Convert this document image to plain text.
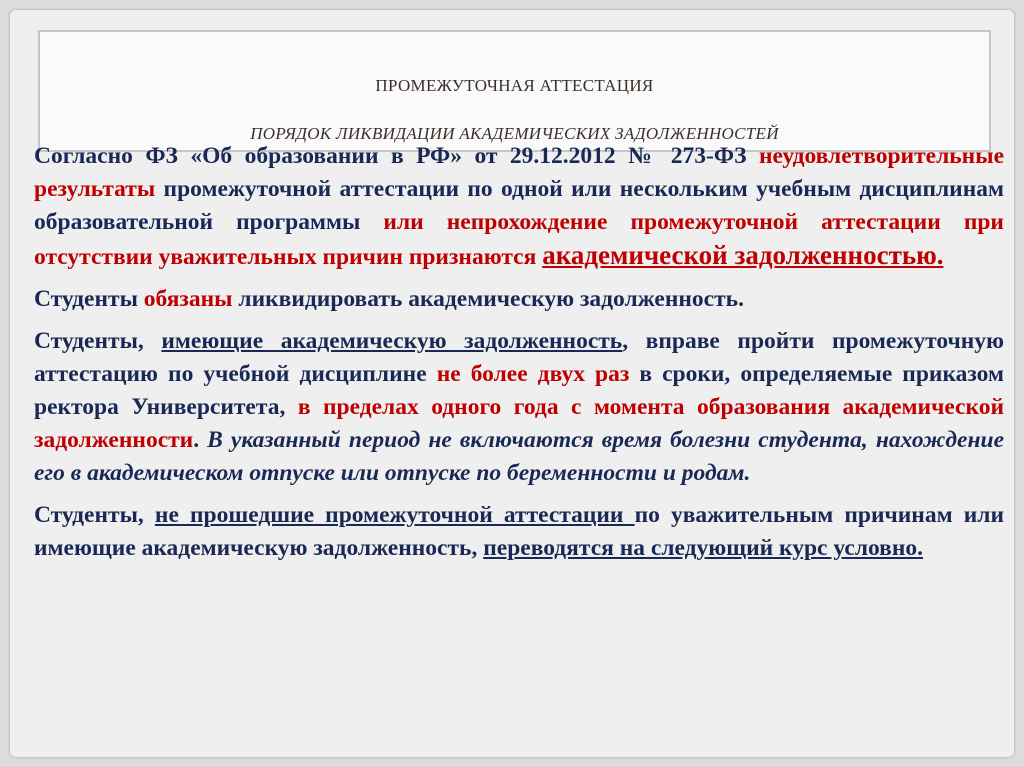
ПРОМЕЖУТОЧНАЯ АТТЕСТАЦИЯ
ПОРЯДОК ЛИКВИДАЦИИ АКАДЕМИЧЕСКИХ ЗАДОЛЖЕННОСТЕЙ

Согласно ФЗ «Об образовании в РФ» от 29.12.2012 № 273-ФЗ неудовлетворительные результаты промежуточной аттестации по одной или нескольким учебным дисциплинам образовательной программы или непрохождение промежуточной аттестации при отсутствии уважительных причин признаются академической задолженностью.

Студенты обязаны ликвидировать академическую задолженность.

Студенты, имеющие академическую задолженность, вправе пройти промежуточную аттестацию по учебной дисциплине не более двух раз в сроки, определяемые приказом ректора Университета, в пределах одного года с момента образования академической задолженности. В указанный период не включаются время болезни студента, нахождение его в академическом отпуске или отпуске по беременности и родам.

Студенты, не прошедшие промежуточной аттестации по уважительным причинам или имеющие академическую задолженность, переводятся на следующий курс условно.
